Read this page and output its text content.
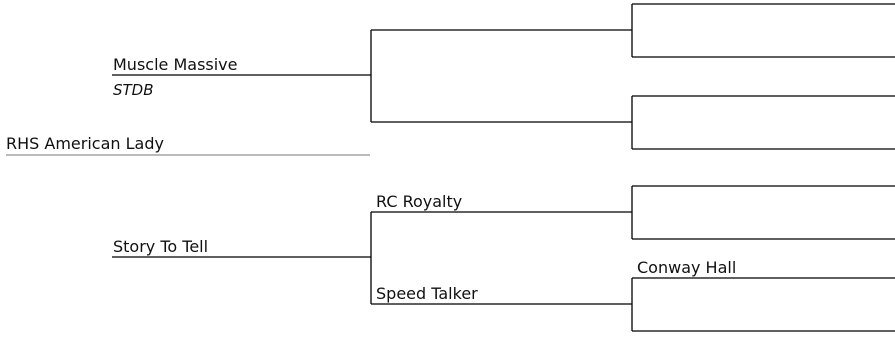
RHS American Lady
Muscle Massive
STDB
Story To Tell
RC Royalty
Speed Talker
Conway Hall
